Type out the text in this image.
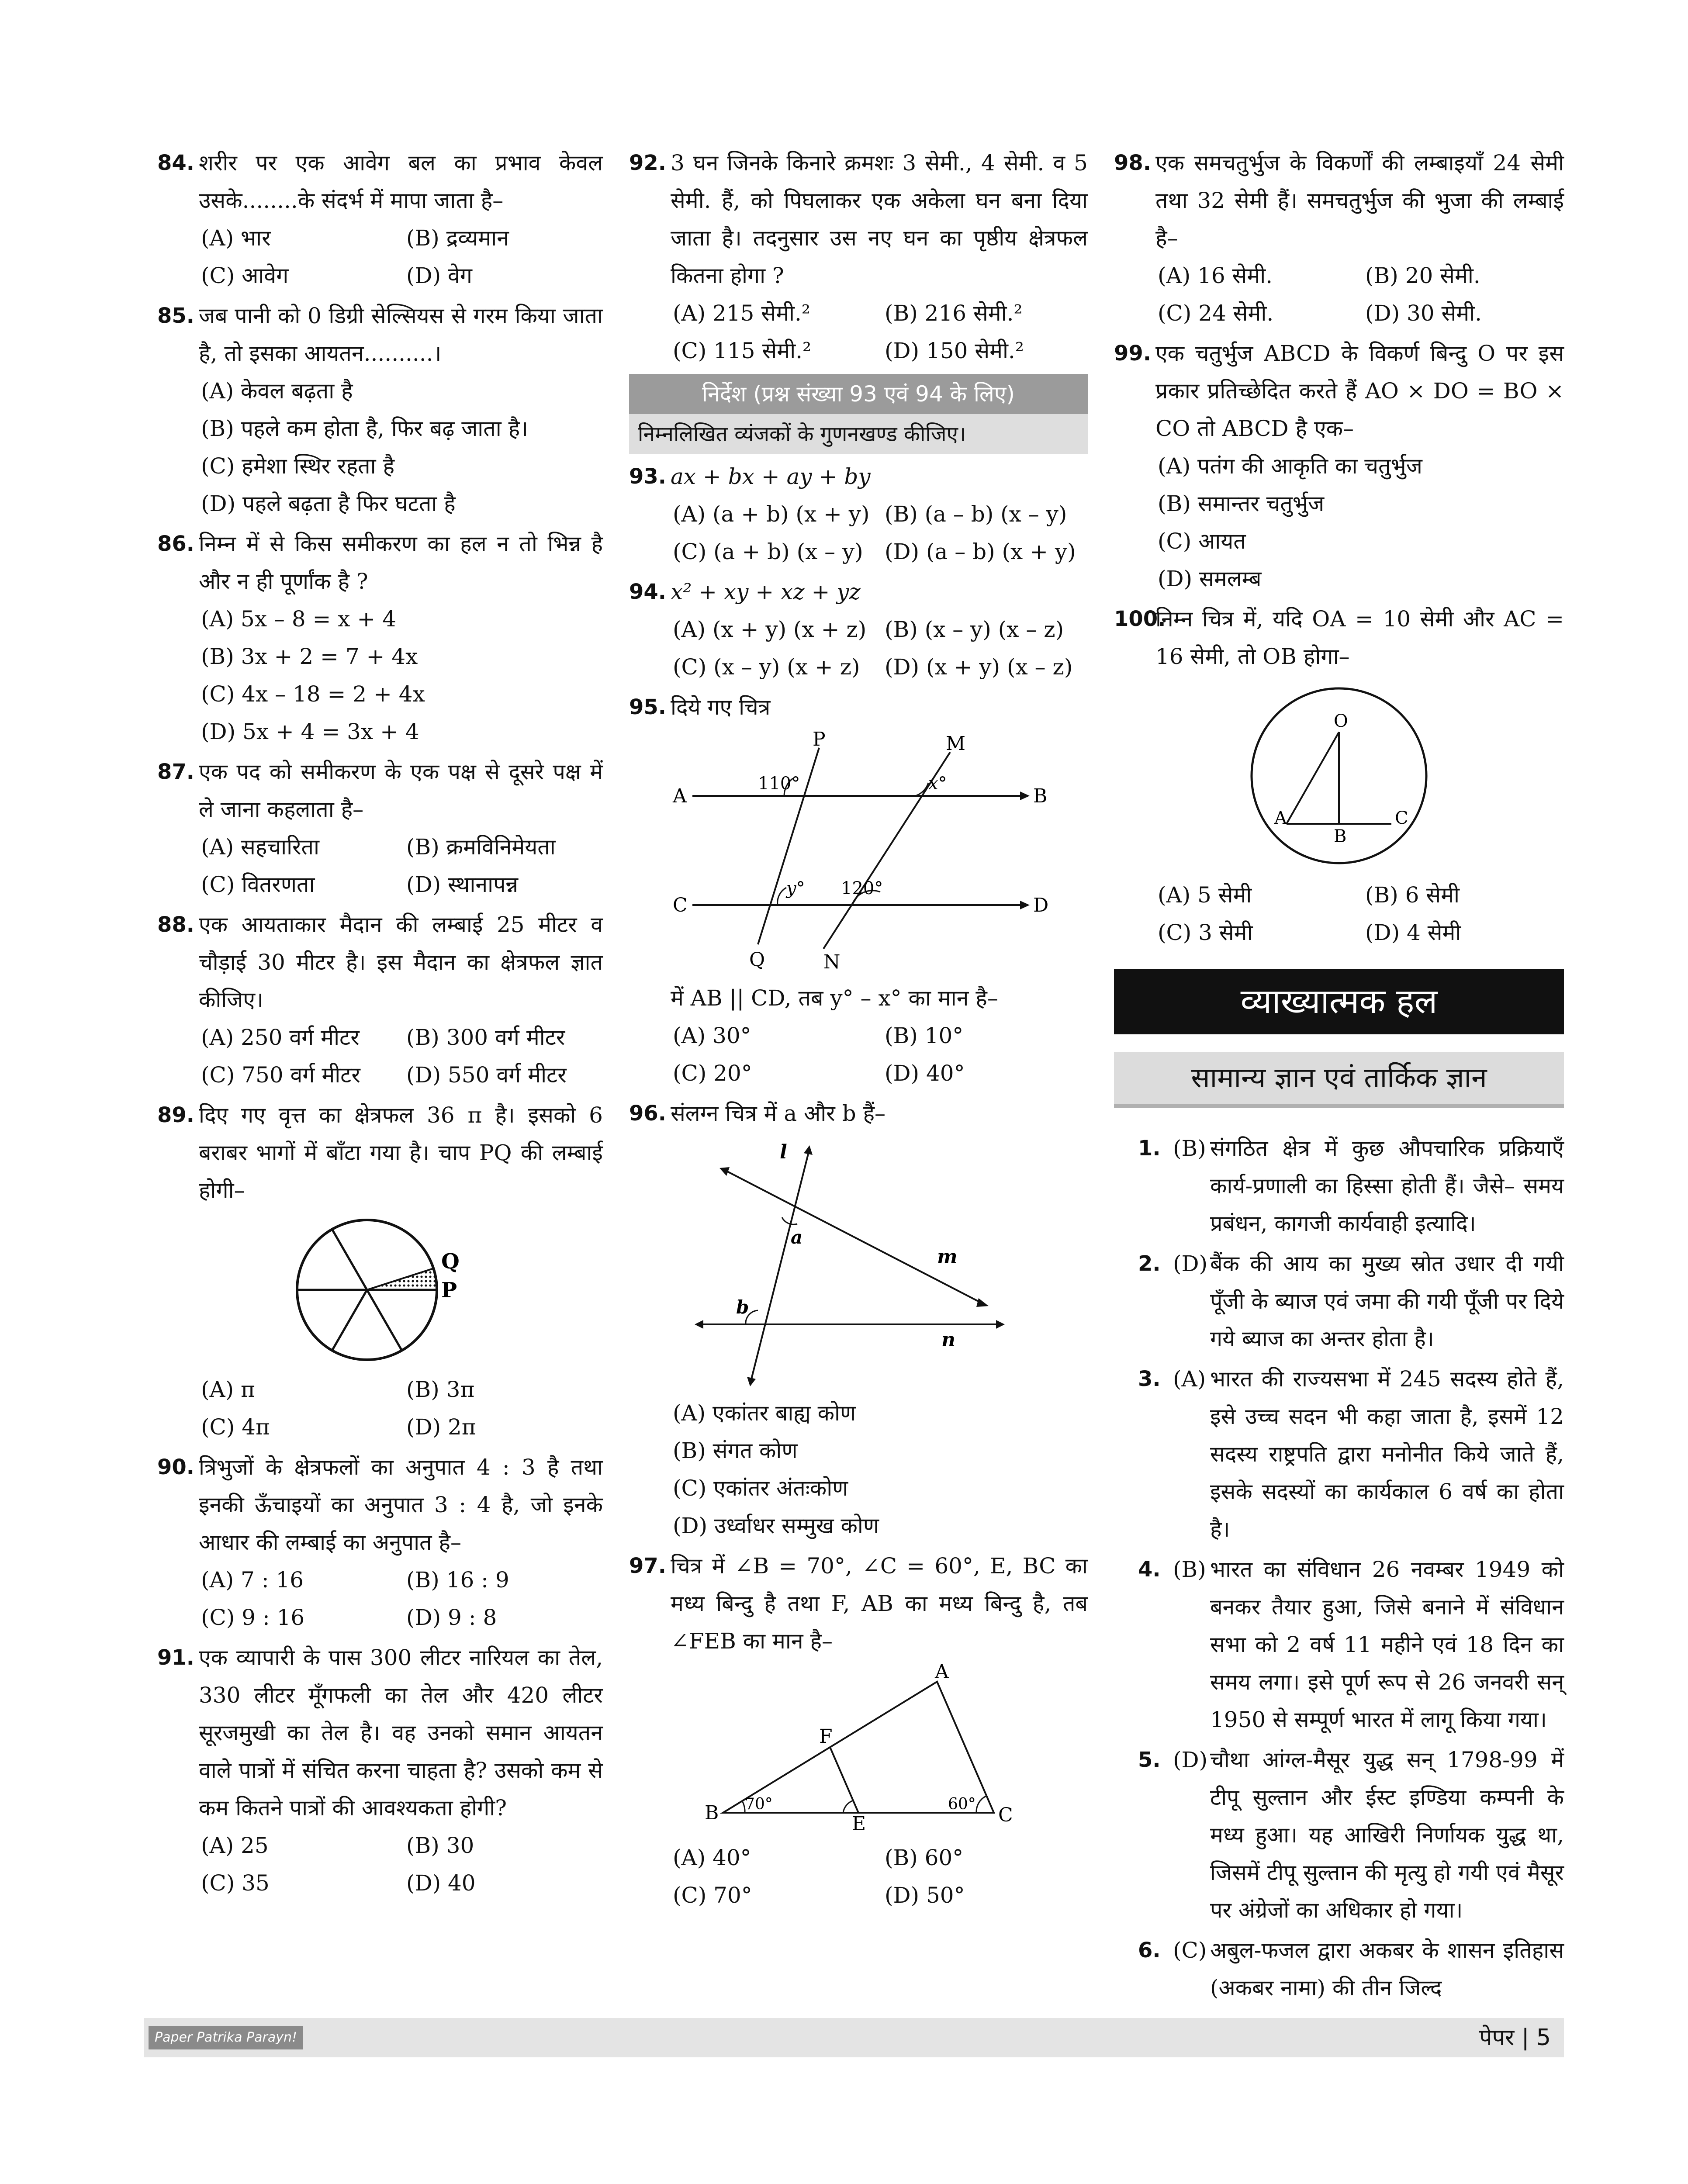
84. शरीर पर एक आवेग बल का प्रभाव केवल उसके........के संदर्भ में मापा जाता है–
(A) भार	(B) द्रव्यमान
(C) आवेग	(D) वेग
85. जब पानी को 0 डिग्री सेल्सियस से गरम किया जाता है, तो इसका आयतन..........।
(A) केवल बढ़ता है
(B) पहले कम होता है, फिर बढ़ जाता है।
(C) हमेशा स्थिर रहता है
(D) पहले बढ़ता है फिर घटता है
86. निम्न में से किस समीकरण का हल न तो भिन्न है और न ही पूर्णांक है ?
(A) 5x – 8 = x + 4
(B) 3x + 2 = 7 + 4x
(C) 4x – 18 = 2 + 4x
(D) 5x + 4 = 3x + 4
87. एक पद को समीकरण के एक पक्ष से दूसरे पक्ष में ले जाना कहलाता है–
(A) सहचारिता	(B) क्रमविनिमेयता
(C) वितरणता	(D) स्थानापन्न
88. एक आयताकार मैदान की लम्बाई 25 मीटर व चौड़ाई 30 मीटर है। इस मैदान का क्षेत्रफल ज्ञात कीजिए।
(A) 250 वर्ग मीटर	(B) 300 वर्ग मीटर
(C) 750 वर्ग मीटर	(D) 550 वर्ग मीटर
89. दिए गए वृत्त का क्षेत्रफल 36 π है। इसको 6 बराबर भागों में बाँटा गया है। चाप PQ की लम्बाई होगी–
Q
P
(A) π	(B) 3π
(C) 4π	(D) 2π
90. त्रिभुजों के क्षेत्रफलों का अनुपात 4 : 3 है तथा इनकी ऊँचाइयों का अनुपात 3 : 4 है, जो इनके आधार की लम्बाई का अनुपात है–
(A) 7 : 16	(B) 16 : 9
(C) 9 : 16	(D) 9 : 8
91. एक व्यापारी के पास 300 लीटर नारियल का तेल, 330 लीटर मूँगफली का तेल और 420 लीटर सूरजमुखी का तेल है। वह उनको समान आयतन वाले पात्रों में संचित करना चाहता है? उसको कम से कम कितने पात्रों की आवश्यकता होगी?
(A) 25	(B) 30
(C) 35	(D) 40
92. 3 घन जिनके किनारे क्रमशः 3 सेमी., 4 सेमी. व 5 सेमी. हैं, को पिघलाकर एक अकेला घन बना दिया जाता है। तदनुसार उस नए घन का पृष्ठीय क्षेत्रफल कितना होगा ?
(A) 215 सेमी.²	(B) 216 सेमी.²
(C) 115 सेमी.²	(D) 150 सेमी.²
निर्देश (प्रश्न संख्या 93 एवं 94 के लिए)
निम्नलिखित व्यंजकों के गुणनखण्ड कीजिए।
93. ax + bx + ay + by
(A) (a + b) (x + y) (B) (a – b) (x – y)
(C) (a + b) (x – y) (D) (a – b) (x + y)
94. x² + xy + xz + yz
(A) (x + y) (x + z) (B) (x – y) (x – z)
(C) (x – y) (x + z)	(D) (x + y) (x – z)
95. दिये गए चित्र
P	M
A	B
C	D
Q	N
110°	x°
y° 120°
में AB || CD, तब y° – x° का मान है–
(A) 30°	(B) 10°
(C) 20°	(D) 40°
96. संलग्न चित्र में a और b हैं–
l
m
n
a
b
(A) एकांतर बाह्य कोण
(B) संगत कोण
(C) एकांतर अंतःकोण
(D) उर्ध्वाधर सम्मुख कोण
97. चित्र में ∠B = 70°, ∠C = 60°, E, BC का मध्य बिन्दु है तथा F, AB का मध्य बिन्दु है, तब ∠FEB का मान है–
A
B	C
E
F
70°	60°
(A) 40°	(B) 60°
(C) 70°	(D) 50°
98. एक समचतुर्भुज के विकर्णों की लम्बाइयाँ 24 सेमी तथा 32 सेमी हैं। समचतुर्भुज की भुजा की लम्बाई है–
(A) 16 सेमी.	(B) 20 सेमी.
(C) 24 सेमी.	(D) 30 सेमी.
99. एक चतुर्भुज ABCD के विकर्ण बिन्दु O पर इस प्रकार प्रतिच्छेदित करते हैं AO × DO = BO × CO तो ABCD है एक–
(A) पतंग की आकृति का चतुर्भुज
(B) समान्तर चतुर्भुज
(C) आयत
(D) समलम्ब
100.
निम्न चित्र में, यदि OA = 10 सेमी और AC = 16 सेमी, तो OB होगा–
O
A
B
C
(A) 5 सेमी	(B) 6 सेमी
(C) 3 सेमी	(D) 4 सेमी
व्याख्यात्मक हल
सामान्य ज्ञान एवं तार्किक ज्ञान
1. (B) संगठित क्षेत्र में कुछ औपचारिक प्रक्रियाएँ कार्य-प्रणाली का हिस्सा होती हैं। जैसे– समय प्रबंधन, कागजी कार्यवाही इत्यादि।
2. (D) बैंक की आय का मुख्य स्रोत उधार दी गयी पूँजी के ब्याज एवं जमा की गयी पूँजी पर दिये गये ब्याज का अन्तर होता है।
3. (A) भारत की राज्यसभा में 245 सदस्य होते हैं, इसे उच्च सदन भी कहा जाता है, इसमें 12 सदस्य राष्ट्रपति द्वारा मनोनीत किये जाते हैं, इसके सदस्यों का कार्यकाल 6 वर्ष का होता है।
4. (B) भारत का संविधान 26 नवम्बर 1949 को बनकर तैयार हुआ, जिसे बनाने में संविधान सभा को 2 वर्ष 11 महीने एवं 18 दिन का समय लगा। इसे पूर्ण रूप से 26 जनवरी सन् 1950 से सम्पूर्ण भारत में लागू किया गया।
5. (D) चौथा आंग्ल-मैसूर युद्ध सन् 1798-99 में टीपू सुल्तान और ईस्ट इण्डिया कम्पनी के मध्य हुआ। यह आखिरी निर्णायक युद्ध था, जिसमें टीपू सुल्तान की मृत्यु हो गयी एवं मैसूर पर अंग्रेजों का अधिकार हो गया।
6. (C) अबुल-फजल द्वारा अकबर के शासन इतिहास (अकबर नामा) की तीन जिल्द
Paper Patrika Parayn!	पेपर | 5
